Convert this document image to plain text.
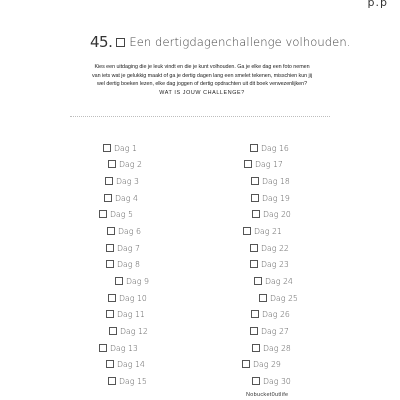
p.p
45. Een dertigdagenchallenge volhouden.
Kies een uitdaging die je leuk vindt en die je kunt volhouden. Ga je elke dag een foto nemen
van iets wat je gelukkig maakt of ga je dertig dagen lang een smelet tekenen, misschien kun jij
wel dertig boeken lezen, elke dag joggen of dertig opdrachten uit dit boek verwezenlijken?
WAT IS JOUW CHALLENGE?
Dag 1
Dag 2
Dag 3
Dag 4
Dag 5
Dag 6
Dag 7
Dag 8
Dag 9
Dag 10
Dag 11
Dag 12
Dag 13
Dag 14
Dag 15
Dag 16
Dag 17
Dag 18
Dag 19
Dag 20
Dag 21
Dag 22
Dag 23
Dag 24
Dag 25
Dag 26
Dag 27
Dag 28
Dag 29
Dag 30
Nobucket0utlife
